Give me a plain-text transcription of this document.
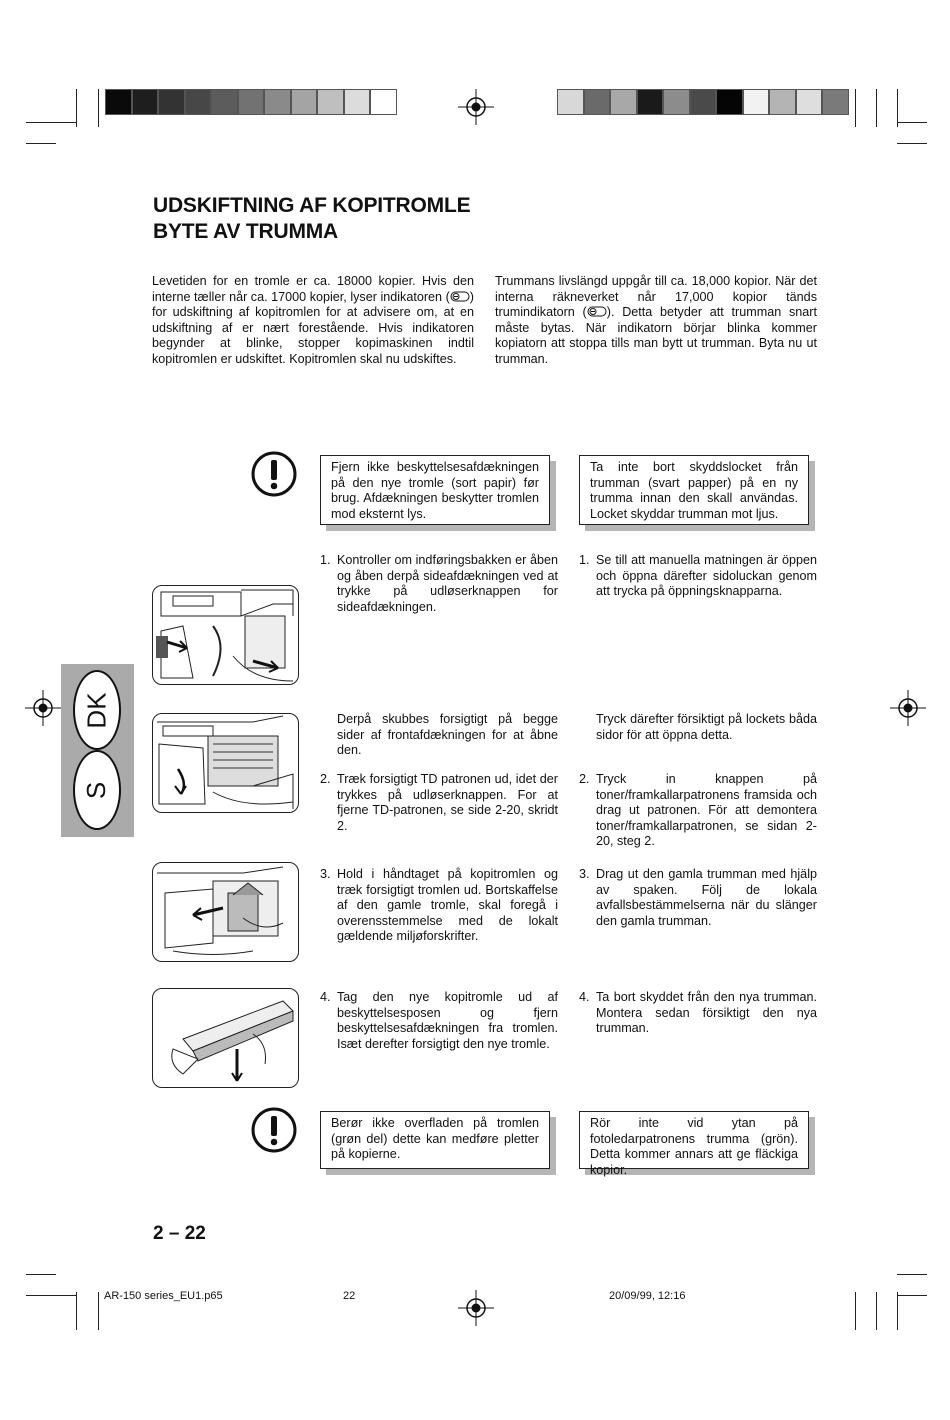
UDSKIFTNING AF KOPITROMLE
BYTE AV TRUMMA

Levetiden for en tromle er ca. 18000 kopier. Hvis den interne tæller når ca. 17000 kopier, lyser indikatoren ( ) for udskiftning af kopitromlen for at advisere om, at en udskiftning af er nært forestående. Hvis indikatoren begynder at blinke, stopper kopimaskinen indtil kopitromlen er udskiftet. Kopitromlen skal nu udskiftes.

Trummans livslängd uppgår till ca. 18,000 kopior. När det interna räkneverket når 17,000 kopior tänds trumindikatorn ( ). Detta betyder att trumman snart måste bytas. När indikatorn börjar blinka kommer kopiatorn att stoppa tills man bytt ut trumman. Byta nu ut trumman.

Fjern ikke beskyttelsesafdækningen på den nye tromle (sort papir) før brug. Afdækningen beskytter tromlen mod eksternt lys.
Ta inte bort skyddslocket från trumman (svart papper) på en ny trumma innan den skall användas. Locket skyddar trumman mot ljus.
1. Kontroller om indføringsbakken er åben og åben derpå sideafdækningen ved at trykke på udløserknappen for sideafdækningen.
1. Se till att manuella matningen är öppen och öppna därefter sidoluckan genom att trycka på öppningsknapparna.
Derpå skubbes forsigtigt på begge sider af frontafdækningen for at åbne den.
Tryck därefter försiktigt på lockets båda sidor för att öppna detta.
2. Træk forsigtigt TD patronen ud, idet der trykkes på udløserknappen. For at fjerne TD-patronen, se side 2-20, skridt 2.
2. Tryck in knappen på toner/framkallarpatronens framsida och drag ut patronen. För att demontera toner/framkallarpatronen, se sidan 2-20, steg 2.
3. Hold i håndtaget på kopitromlen og træk forsigtigt tromlen ud. Bortskaffelse af den gamle tromle, skal foregå i overensstemmelse med de lokalt gældende miljøforskrifter.
3. Drag ut den gamla trumman med hjälp av spaken. Följ de lokala avfallsbestämmelserna när du slänger den gamla trumman.
4. Tag den nye kopitromle ud af beskyttelsesposen og fjern beskyttelsesafdækningen fra tromlen. Isæt derefter forsigtigt den nye tromle.
4. Ta bort skyddet från den nya trumman. Montera sedan försiktigt den nya trumman.
Berør ikke overfladen på tromlen (grøn del) dette kan medføre pletter på kopierne.
Rör inte vid ytan på fotoledarpatronens trumma (grön). Detta kommer annars att ge fläckiga kopior.
DK
S
2 – 22
AR-150 series_EU1.p65	22	20/09/99, 12:16
